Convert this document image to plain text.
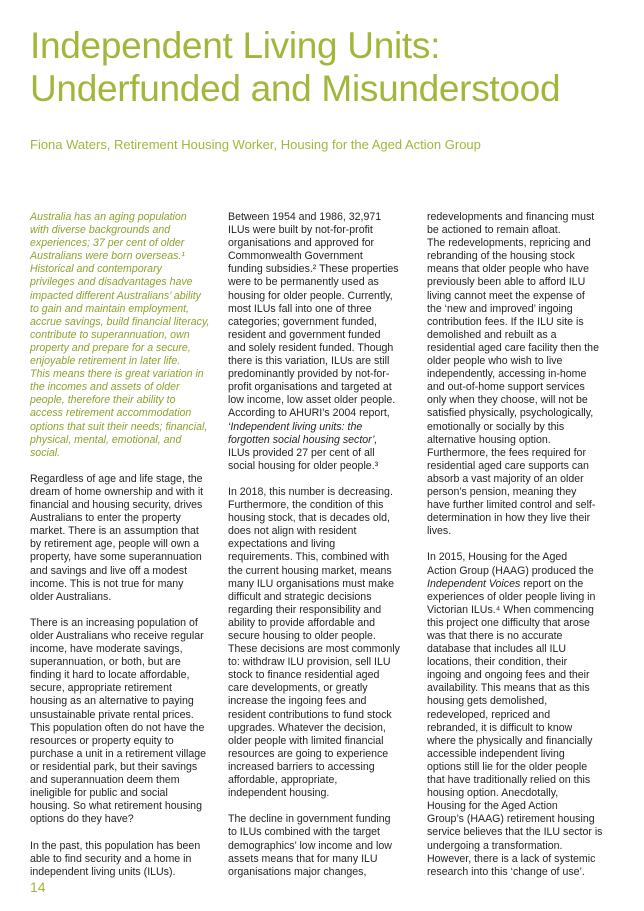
Independent Living Units:
Underfunded and Misunderstood
Fiona Waters, Retirement Housing Worker, Housing for the Aged Action Group

Australia has an aging population
with diverse backgrounds and
experiences; 37 per cent of older
Australians were born overseas.¹
Historical and contemporary
privileges and disadvantages have
impacted different Australians’ ability
to gain and maintain employment,
accrue savings, build financial literacy,
contribute to superannuation, own
property and prepare for a secure,
enjoyable retirement in later life.
This means there is great variation in
the incomes and assets of older
people, therefore their ability to
access retirement accommodation
options that suit their needs; financial,
physical, mental, emotional, and
social.

Regardless of age and life stage, the
dream of home ownership and with it
financial and housing security, drives
Australians to enter the property
market. There is an assumption that
by retirement age, people will own a
property, have some superannuation
and savings and live off a modest
income. This is not true for many
older Australians.

There is an increasing population of
older Australians who receive regular
income, have moderate savings,
superannuation, or both, but are
finding it hard to locate affordable,
secure, appropriate retirement
housing as an alternative to paying
unsustainable private rental prices.
This population often do not have the
resources or property equity to
purchase a unit in a retirement village
or residential park, but their savings
and superannuation deem them
ineligible for public and social
housing. So what retirement housing
options do they have?

In the past, this population has been
able to find security and a home in
independent living units (ILUs).

Between 1954 and 1986, 32,971
ILUs were built by not-for-profit
organisations and approved for
Commonwealth Government
funding subsidies.² These properties
were to be permanently used as
housing for older people. Currently,
most ILUs fall into one of three
categories; government funded,
resident and government funded
and solely resident funded. Though
there is this variation, ILUs are still
predominantly provided by not-for-
profit organisations and targeted at
low income, low asset older people.
According to AHURI’s 2004 report,
‘Independent living units: the
forgotten social housing sector’,
ILUs provided 27 per cent of all
social housing for older people.³

In 2018, this number is decreasing.
Furthermore, the condition of this
housing stock, that is decades old,
does not align with resident
expectations and living
requirements. This, combined with
the current housing market, means
many ILU organisations must make
difficult and strategic decisions
regarding their responsibility and
ability to provide affordable and
secure housing to older people.
These decisions are most commonly
to: withdraw ILU provision, sell ILU
stock to finance residential aged
care developments, or greatly
increase the ingoing fees and
resident contributions to fund stock
upgrades. Whatever the decision,
older people with limited financial
resources are going to experience
increased barriers to accessing
affordable, appropriate,
independent housing.

The decline in government funding
to ILUs combined with the target
demographics’ low income and low
assets means that for many ILU
organisations major changes,

redevelopments and financing must
be actioned to remain afloat.
The redevelopments, repricing and
rebranding of the housing stock
means that older people who have
previously been able to afford ILU
living cannot meet the expense of
the ‘new and improved’ ingoing
contribution fees. If the ILU site is
demolished and rebuilt as a
residential aged care facility then the
older people who wish to live
independently, accessing in-home
and out-of-home support services
only when they choose, will not be
satisfied physically, psychologically,
emotionally or socially by this
alternative housing option.
Furthermore, the fees required for
residential aged care supports can
absorb a vast majority of an older
person’s pension, meaning they
have further limited control and self-
determination in how they live their
lives.

In 2015, Housing for the Aged
Action Group (HAAG) produced the
Independent Voices report on the
experiences of older people living in
Victorian ILUs.⁴ When commencing
this project one difficulty that arose
was that there is no accurate
database that includes all ILU
locations, their condition, their
ingoing and ongoing fees and their
availability. This means that as this
housing gets demolished,
redeveloped, repriced and
rebranded, it is difficult to know
where the physically and financially
accessible independent living
options still lie for the older people
that have traditionally relied on this
housing option. Anecdotally,
Housing for the Aged Action
Group’s (HAAG) retirement housing
service believes that the ILU sector is
undergoing a transformation.
However, there is a lack of systemic
research into this ‘change of use’.

14
